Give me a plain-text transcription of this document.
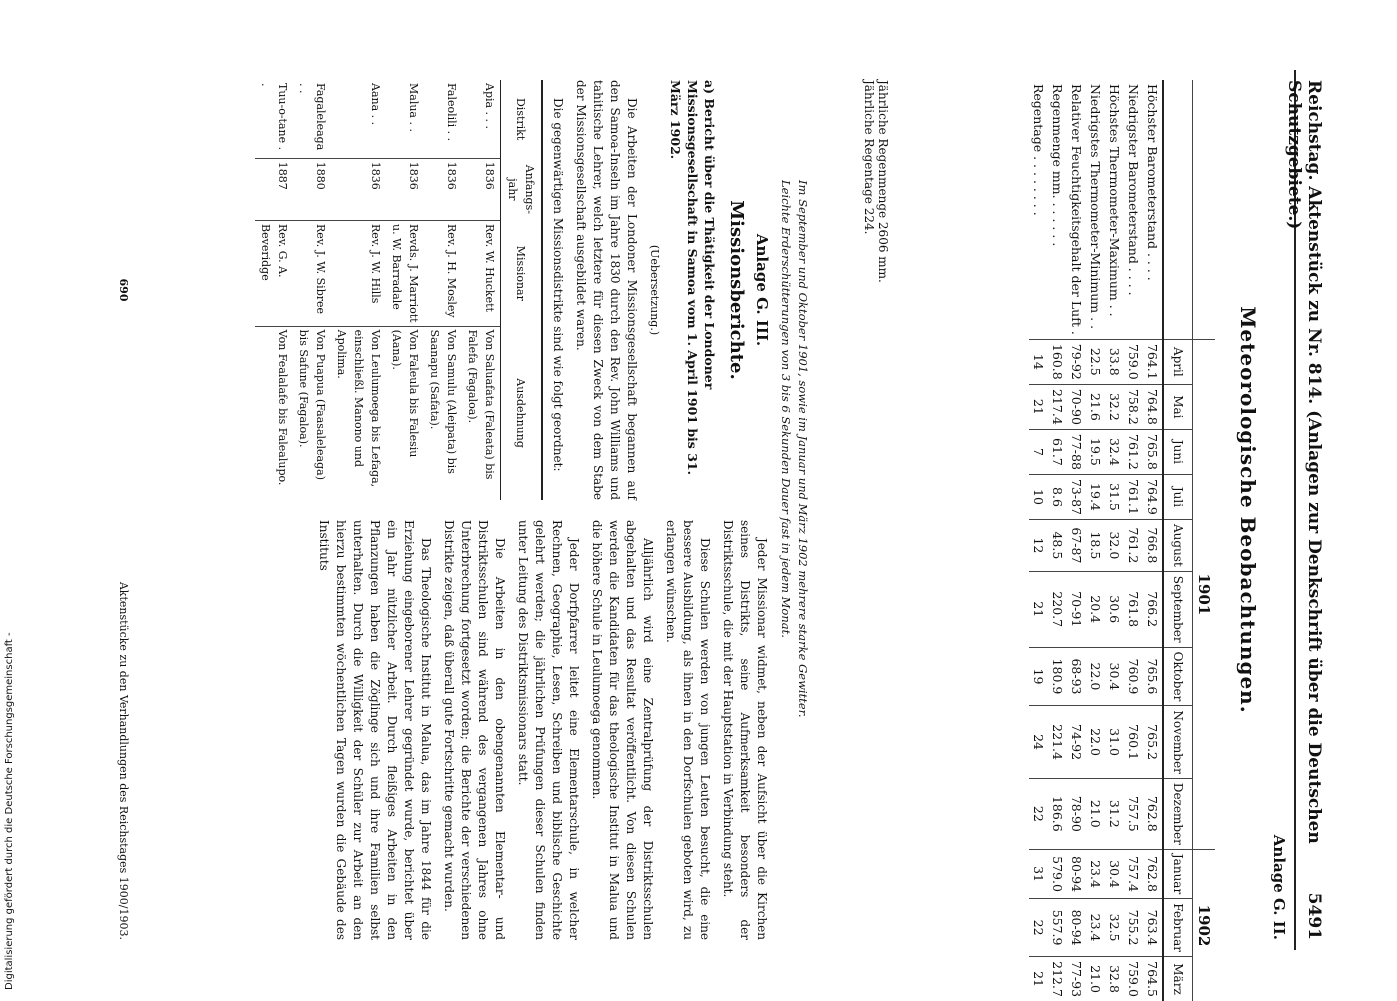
Digitalisierung gefördert durch die Deutsche Forschungsgemeinschaft -	Reichstag. Aktenstück zu Nr. 814. (Anlagen zur Denkschrift über die Deutschen Schutzgebiete.)
5491
Anlage G. II.
Meteorologische Beobachtungen.
	1901									1902		
	April	Mai	Juni	Juli	August	September	Oktober	November	Dezember	Januar	Februar	März
Höchster Barometerstand . . . .	764.1	764.8	765.8	764.9	766.8	766.2	765.6	765.2	762.8	762.8	763.4	764.5
Niedrigster Barometerstand . . . .	759.0	758.2	761.2	761.1	761.2	761.8	760.9	760.1	757.5	757.4	755.2	759.0
Höchstes Thermometer-Maximum . .	33.8	32.2	32.4	31.5	32.0	30.6	30.4	31.0	31.2	30.4	32.5	32.8
Niedrigstes Thermometer-Minimum . .	22.5	21.6	19.5	19.4	18.5	20.4	22.0	22.0	21.0	23.4	23.4	21.0
Relativer Feuchtigkeitsgehalt der Luft .	79-92	70-90	77-88	73-87	67-87	70-91	68-93	74-92	78-90	80-94	80-94	77-93
Regenmenge mm. . . . . . .	160.8	217.4	61.7	8.6	48.5	220.7	180.9	221.4	186.6	579.0	557.9	212.7
Regentage . . . . . . . .	14	21	7	10	12	21	19	24	22	31	22	21
Jährliche Regenmenge 2606 mm.
Jährliche Regentage 224.
Im September und Oktober 1901, sowie im Januar und März 1902 mehrere starke Gewitter.
Leichte Erderschütterungen von 3 bis 6 Sekunden Dauer fast in jedem Monat.
Anlage G. III.
Missionsberichte.
a) Bericht über die Thätigkeit der Londoner Missionsgesellschaft in Samoa vom 1. April 1901 bis 31. März 1902.
(Uebersetzung.)

Die Arbeiten der Londoner Missionsgesellschaft begannen auf den Samoa-Inseln im Jahre 1830 durch den Rev. John Williams und tahitische Lehrer, welch letztere für diesen Zweck von dem Stabe der Missionsgesellschaft ausgebildet waren.

Die gegenwärtigen Missionsdistrikte sind wie folgt geordnet:

Distrikt	Anfangs-jahr	Missionar	Ausdehnung
Apia . . .	1836	Rev. W. Huckett	Von Saluafata (Faleata) bis Falefa (Fagaloa).
Faleolili . .	1836	Rev. J. H. Mosley	Von Samulu (Aleipata) bis Saanapu (Safata).
Malua . .	1836	Revds. J. Marriott u. W. Barradale	Von Faleula bis Falesiu (Aana).
Aana . .	1836	Rev. J. W. Hills	Von Leulumoega bis Lefaga, einschließl. Manono und Apolima.
Fagaleleaga . .	1880	Rev. J. W. Sibree	Von Puapua (Faasaleleaga) bis Safune (Fagaloa).
Tuu-o-tane . .	1887	Rev. G. A. Beveridge	Von Fealalafe bis Falealupo.

Jeder Missionar widmet, neben der Aufsicht über die Kirchen seines Distrikts, seine Aufmerksamkeit besonders der Distriktsschule, die mit der Hauptstation in Verbindung steht.

Diese Schulen werden von jungen Leuten besucht, die eine bessere Ausbildung, als ihnen in den Dorfschulen geboten wird, zu erlangen wünschen.

Alljährlich wird eine Zentralprüfung der Distriktsschulen abgehalten und das Resultat veröffentlicht. Von diesen Schulen werden die Kandidaten für das theologische Institut in Malua und die höhere Schule in Leulumoega genommen.

Jeder Dorfpfarrer leitet eine Elementarschule, in welcher Rechnen, Geographie, Lesen, Schreiben und biblische Geschichte gelehrt werden; die jährlichen Prüfungen dieser Schulen finden unter Leitung des Distriktsmissionars statt.

Die Arbeiten in den obengenannten Elementar- und Distriktsschulen sind während des vergangenen Jahres ohne Unterbrechung fortgesetzt worden; die Berichte der verschiedenen Distrikte zeigen, daß überall gute Fortschritte gemacht wurden.

Das Theologische Institut in Malua, das im Jahre 1844 für die Erziehung eingeborener Lehrer gegründet wurde, berichtet über ein Jahr nützlicher Arbeit. Durch fleißiges Arbeiten in den Pflanzungen haben die Zöglinge sich und ihre Familien selbst unterhalten. Durch die Willigkeit der Schüler zur Arbeit an den hierzu bestimmten wöchentlichen Tagen wurden die Gebäude des Instituts

690
Aktenstücke zu den Verhandlungen des Reichstages 1900/1903.
